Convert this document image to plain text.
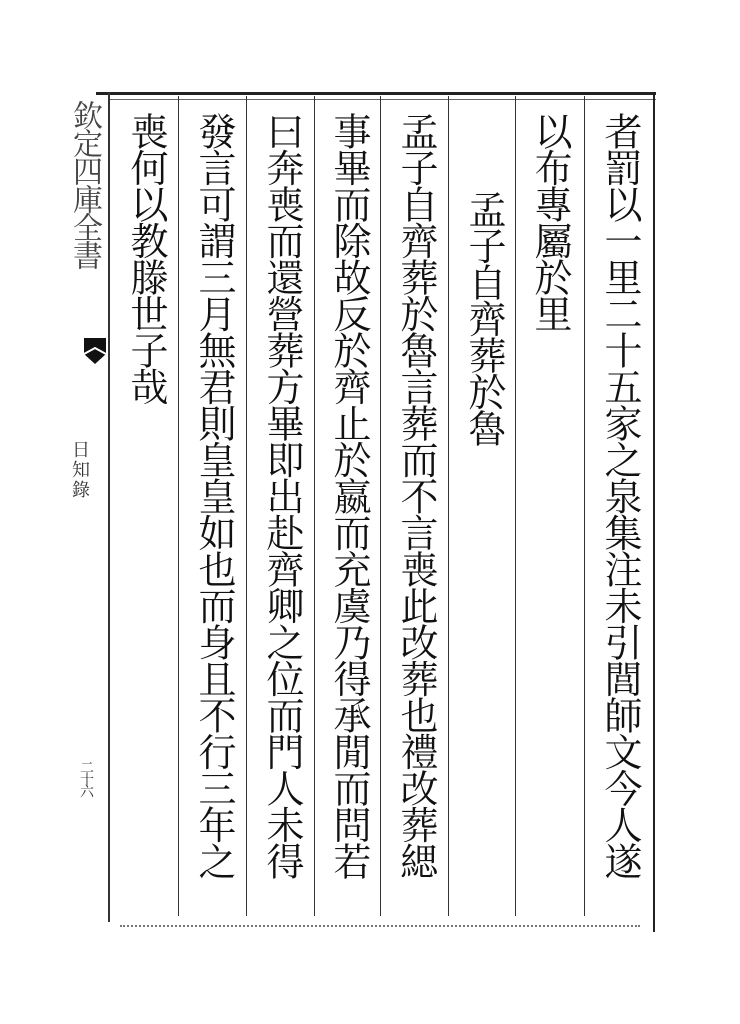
者罰以一里二十五家之泉集注未引閭師文今人遂
以布專屬於里
孟子自齊葬於魯
孟子自齊葬於魯言葬而不言喪此改葬也禮改葬緦
事畢而除故反於齊止於嬴而充虞乃得承閒而問若
曰奔喪而還營葬方畢即出赴齊卿之位而門人未得
發言可謂三月無君則皇皇如也而身且不行三年之
喪何以教滕世子哉
欽定四庫全書
日知錄
二十六
